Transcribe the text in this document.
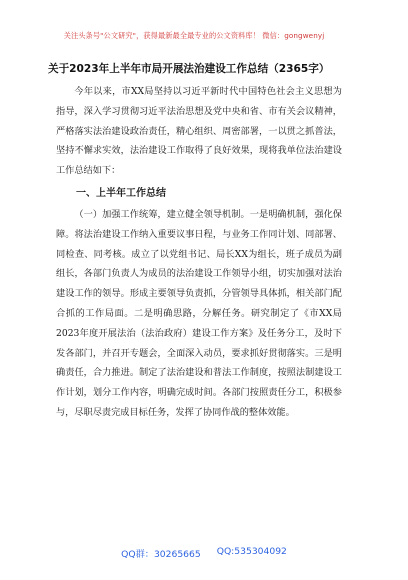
关注头条号"公文研究"，获得最新最全最专业的公文资料库！ 微信：gongwenyj
关于2023年上半年市局开展法治建设工作总结（2365字）

今年以来，市XX局坚持以习近平新时代中国特色社会主义思想为指导，深入学习贯彻习近平法治思想及党中央和省、市有关会议精神，严格落实法治建设政治责任，精心组织、周密部署，一以贯之抓普法，坚持不懈求实效，法治建设工作取得了良好效果，现将我单位法治建设工作总结如下：

一、上半年工作总结

（一）加强工作统筹，建立健全领导机制。一是明确机制，强化保障。将法治建设工作纳入重要议事日程，与业务工作同计划、同部署、同检查、同考核。成立了以党组书记、局长XX为组长，班子成员为副组长，各部门负责人为成员的法治建设工作领导小组，切实加强对法治建设工作的领导。形成主要领导负责抓，分管领导具体抓，相关部门配合抓的工作局面。二是明确思路，分解任务。研究制定了《市XX局2023年度开展法治（法治政府）建设工作方案》及任务分工，及时下发各部门，并召开专题会，全面深入动员，要求抓好贯彻落实。三是明确责任，合力推进。制定了法治建设和普法工作制度，按照法制建设工作计划，划分工作内容，明确完成时间。各部门按照责任分工，积极参与，尽职尽责完成目标任务，发挥了协同作战的整体效能。

QQ群：30265665 QQ:535304092
